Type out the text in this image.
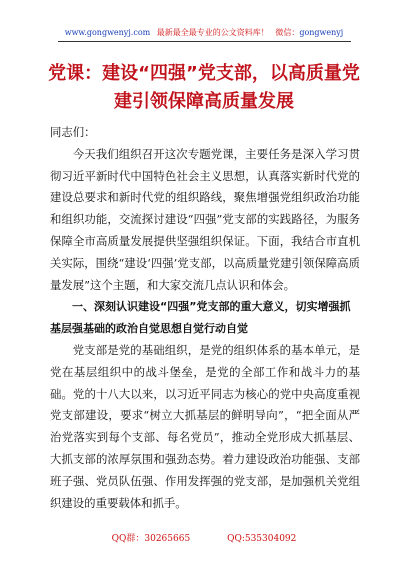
www.gongwenyj.com 最新最全最专业的公文资料库！ 微信：gongwenyj
党课：建设“四强”党支部，以高质量党
建引领保障高质量发展

同志们：

今天我们组织召开这次专题党课，主要任务是深入学习贯彻习近平新时代中国特色社会主义思想，认真落实新时代党的建设总要求和新时代党的组织路线，聚焦增强党组织政治功能和组织功能，交流探讨建设“四强”党支部的实践路径，为服务保障全市高质量发展提供坚强组织保证。下面，我结合市直机关实际，围绕“建设‘四强’党支部，以高质量党建引领保障高质量发展”这个主题，和大家交流几点认识和体会。

一、深刻认识建设“四强”党支部的重大意义，切实增强抓基层强基础的政治自觉思想自觉行动自觉

党支部是党的基础组织，是党的组织体系的基本单元，是党在基层组织中的战斗堡垒，是党的全部工作和战斗力的基础。党的十八大以来，以习近平同志为核心的党中央高度重视党支部建设，要求“树立大抓基层的鲜明导向”，“把全面从严治党落实到每个支部、每名党员”，推动全党形成大抓基层、大抓支部的浓厚氛围和强劲态势。着力建设政治功能强、支部班子强、党员队伍强、作用发挥强的党支部，是加强机关党组织建设的重要载体和抓手。

QQ群：30265665	QQ:535304092
